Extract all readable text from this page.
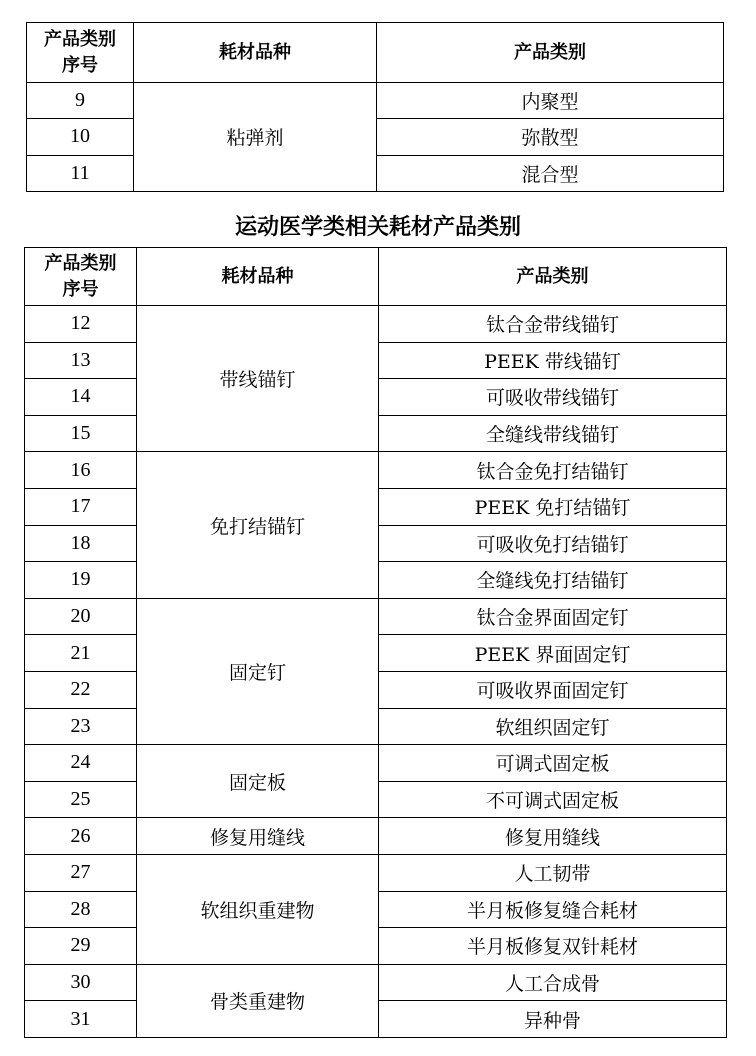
产品类别
序号	耗材品种	产品类别
9	粘弹剂	内聚型
10		弥散型
11		混合型
运动医学类相关耗材产品类别
产品类别
序号	耗材品种	产品类别
12	带线锚钉	钛合金带线锚钉
13		PEEK 带线锚钉
14		可吸收带线锚钉
15		全缝线带线锚钉
16	免打结锚钉	钛合金免打结锚钉
17		PEEK 免打结锚钉
18		可吸收免打结锚钉
19		全缝线免打结锚钉
20	固定钉	钛合金界面固定钉
21		PEEK 界面固定钉
22		可吸收界面固定钉
23		软组织固定钉
24	固定板	可调式固定板
25		不可调式固定板
26	修复用缝线	修复用缝线
27	软组织重建物	人工韧带
28		半月板修复缝合耗材
29		半月板修复双针耗材
30	骨类重建物	人工合成骨
31		异种骨
